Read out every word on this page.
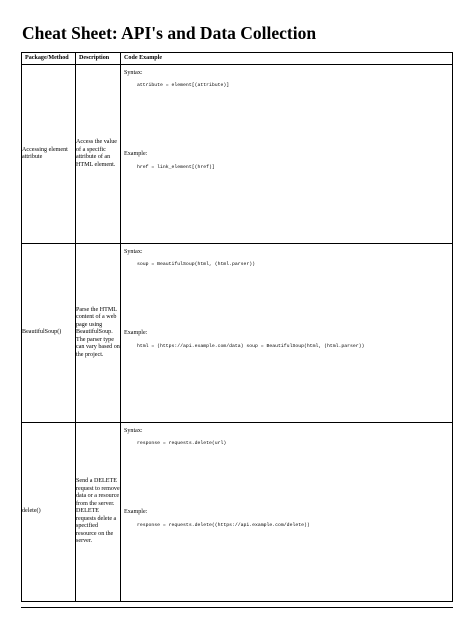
Cheat Sheet: API's and Data Collection
Package/Method	Description	Code Example
Accessing element attribute	Access the value of a specific attribute of an HTML element.	Syntax:
attribute = element[(attribute)]
Example:
href = link_element[(href)]

BeautifulSoup()	Parse the HTML content of a web page using BeautifulSoup. The parser type can vary based on the project.	Syntax:
soup = BeautifulSoup(html, (html.parser))
Example:
html = (https://api.example.com/data) soup = BeautifulSoup(html, (html.parser))

delete()	Send a DELETE request to remove data or a resource from the server. DELETE requests delete a specified resource on the server.	Syntax:
response = requests.delete(url)
Example:
response = requests.delete((https://api.example.com/delete))
